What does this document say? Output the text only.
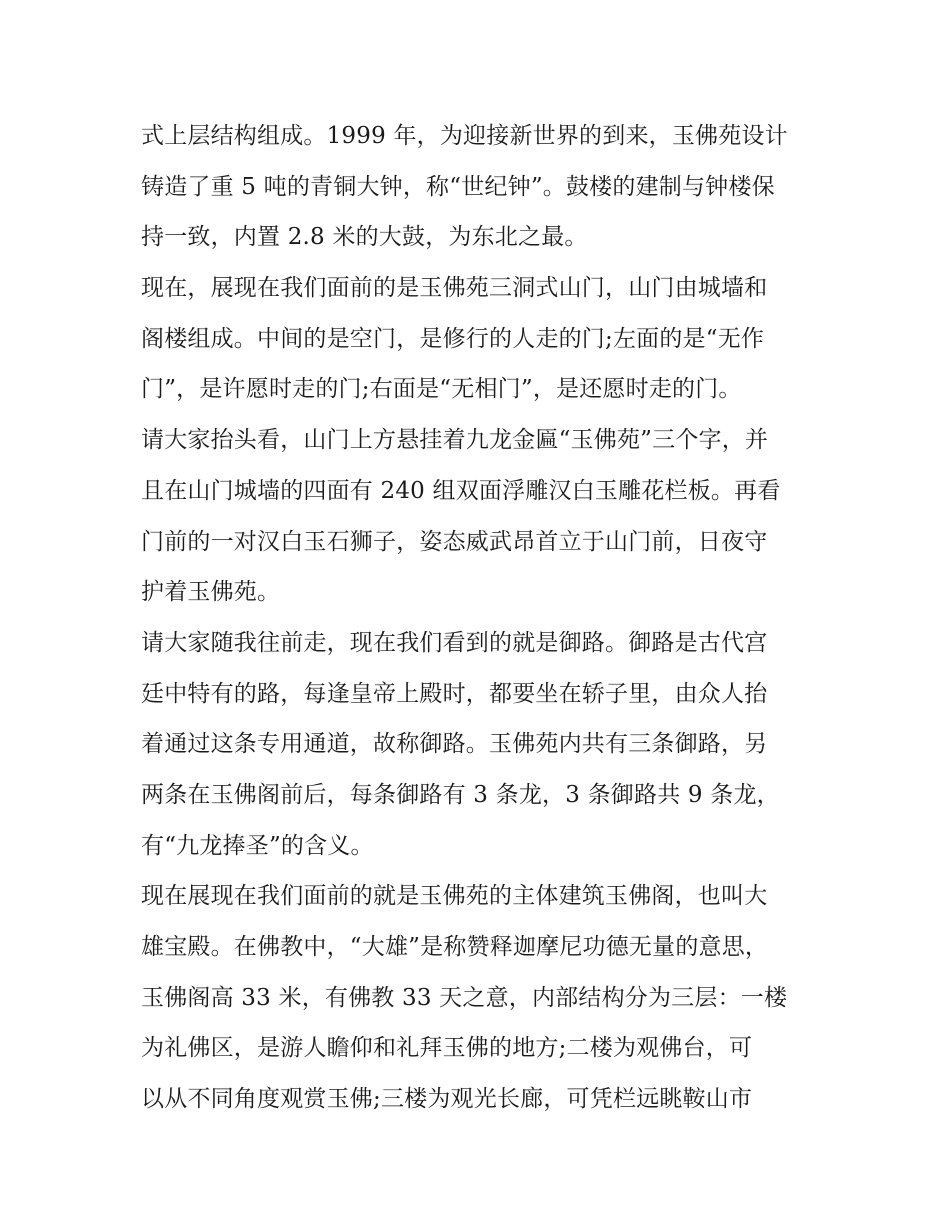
式上层结构组成。1999 年，为迎接新世界的到来，玉佛苑设计
铸造了重 5 吨的青铜大钟，称“世纪钟”。鼓楼的建制与钟楼保
持一致，内置 2.8 米的大鼓，为东北之最。
现在，展现在我们面前的是玉佛苑三洞式山门，山门由城墙和
阁楼组成。中间的是空门，是修行的人走的门;左面的是“无作
门”，是许愿时走的门;右面是“无相门”，是还愿时走的门。
请大家抬头看，山门上方悬挂着九龙金匾“玉佛苑”三个字，并
且在山门城墙的四面有 240 组双面浮雕汉白玉雕花栏板。再看
门前的一对汉白玉石狮子，姿态威武昂首立于山门前，日夜守
护着玉佛苑。
请大家随我往前走，现在我们看到的就是御路。御路是古代宫
廷中特有的路，每逢皇帝上殿时，都要坐在轿子里，由众人抬
着通过这条专用通道，故称御路。玉佛苑内共有三条御路，另
两条在玉佛阁前后，每条御路有 3 条龙，3 条御路共 9 条龙，
有“九龙捧圣”的含义。
现在展现在我们面前的就是玉佛苑的主体建筑玉佛阁，也叫大
雄宝殿。在佛教中，“大雄”是称赞释迦摩尼功德无量的意思，
玉佛阁高 33 米，有佛教 33 天之意，内部结构分为三层：一楼
为礼佛区，是游人瞻仰和礼拜玉佛的地方;二楼为观佛台，可
以从不同角度观赏玉佛;三楼为观光长廊，可凭栏远眺鞍山市
